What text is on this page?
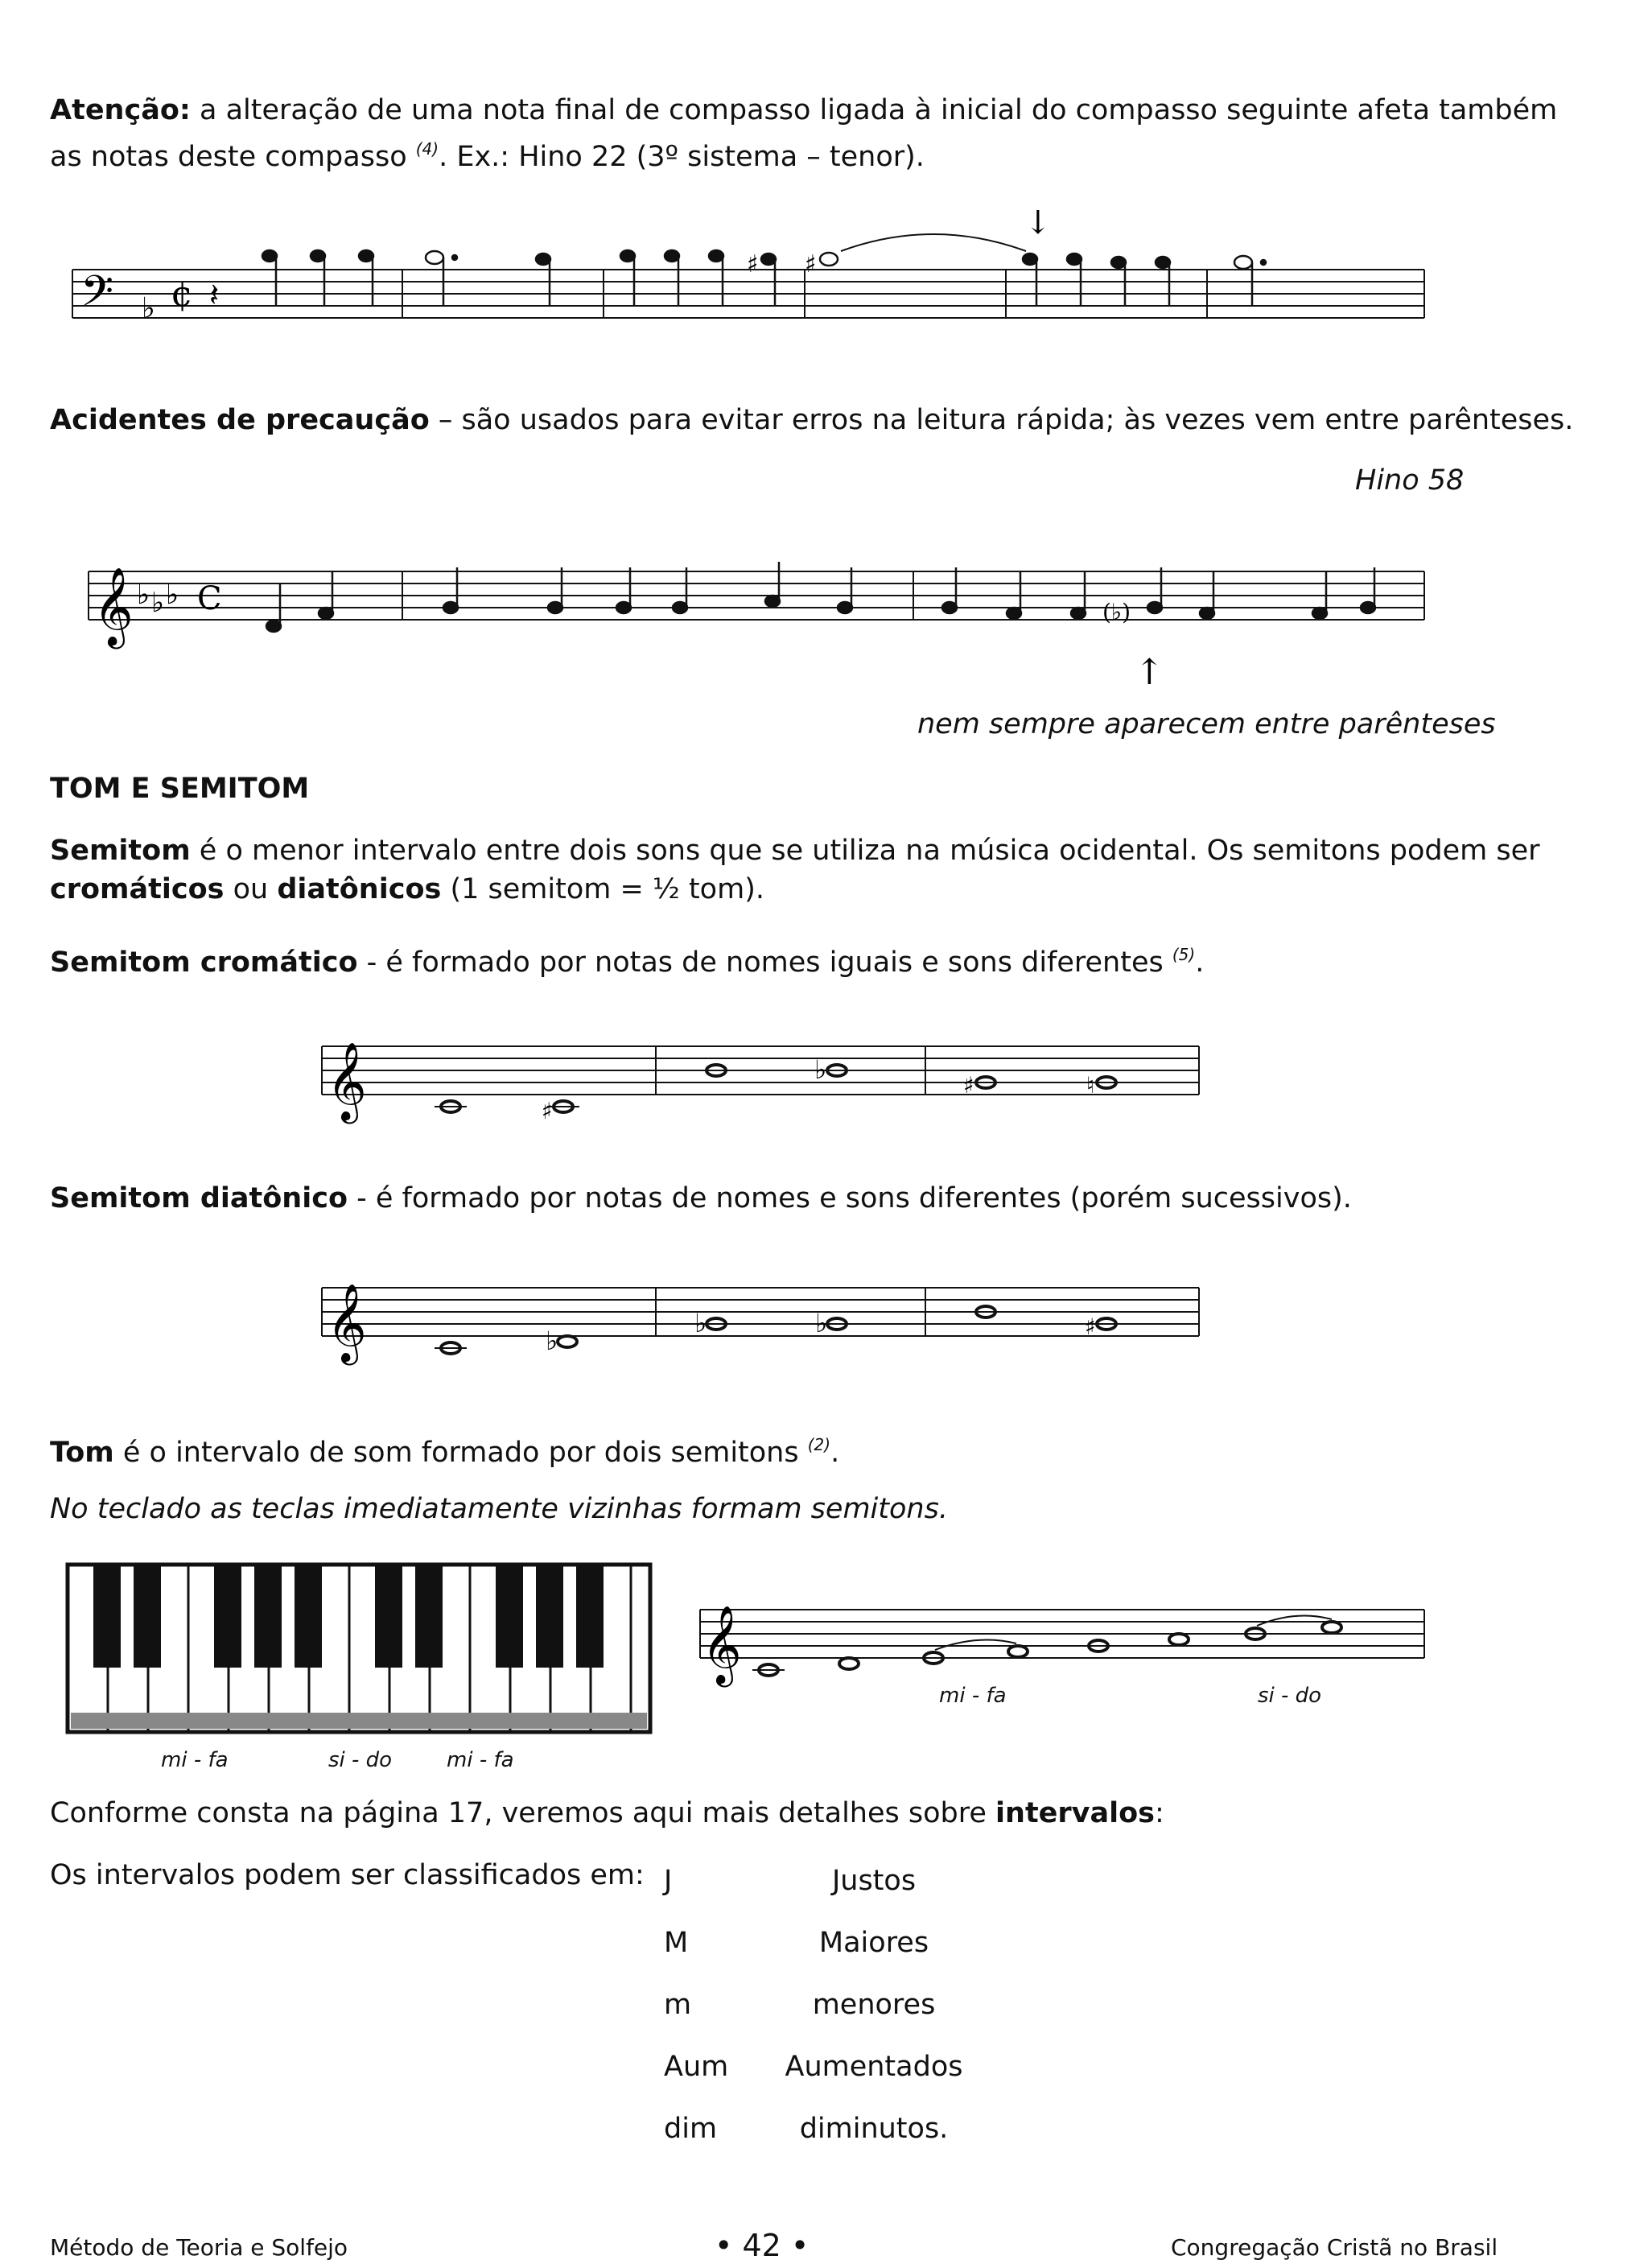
Atenção: a alteração de uma nota final de compasso ligada à inicial do compasso seguinte afeta também
as notas deste compasso $^{(4)}$. Ex.: Hino 22 (3º sistema – tenor).
𝄢 ♭ ¢ 𝄽
♯ ♯
↓
Acidentes de precaução – são usados para evitar erros na leitura rápida; às vezes vem entre parênteses.
Hino 58
𝄞 ♭ ♭ ♭ C	(♭)
↑
nem sempre aparecem entre parênteses
TOM E SEMITOM
Semitom é o menor intervalo entre dois sons que se utiliza na música ocidental. Os semitons podem ser
cromáticos ou diatônicos (1 semitom = ½ tom).
Semitom cromático - é formado por notas de nomes iguais e sons diferentes $^{(5)}$.
𝄞	♯
♭
♯	♮
Semitom diatônico - é formado por notas de nomes e sons diferentes (porém sucessivos).
𝄞	♭
♭	♭	♯
Tom é o intervalo de som formado por dois semitons $^{(2)}$.
No teclado as teclas imediatamente vizinhas formam semitons.
mi - fa	si - do	mi - fa
𝄞
mi - fa	si - do
Conforme consta na página 17, veremos aqui mais detalhes sobre intervalos:
Os intervalos podem ser classificados em: J	Justos
M	Maiores
m	menores
Aum	Aumentados
dim	diminutos.
Método de Teoria e Solfejo	• 42 •	Congregação Cristã no Brasil
